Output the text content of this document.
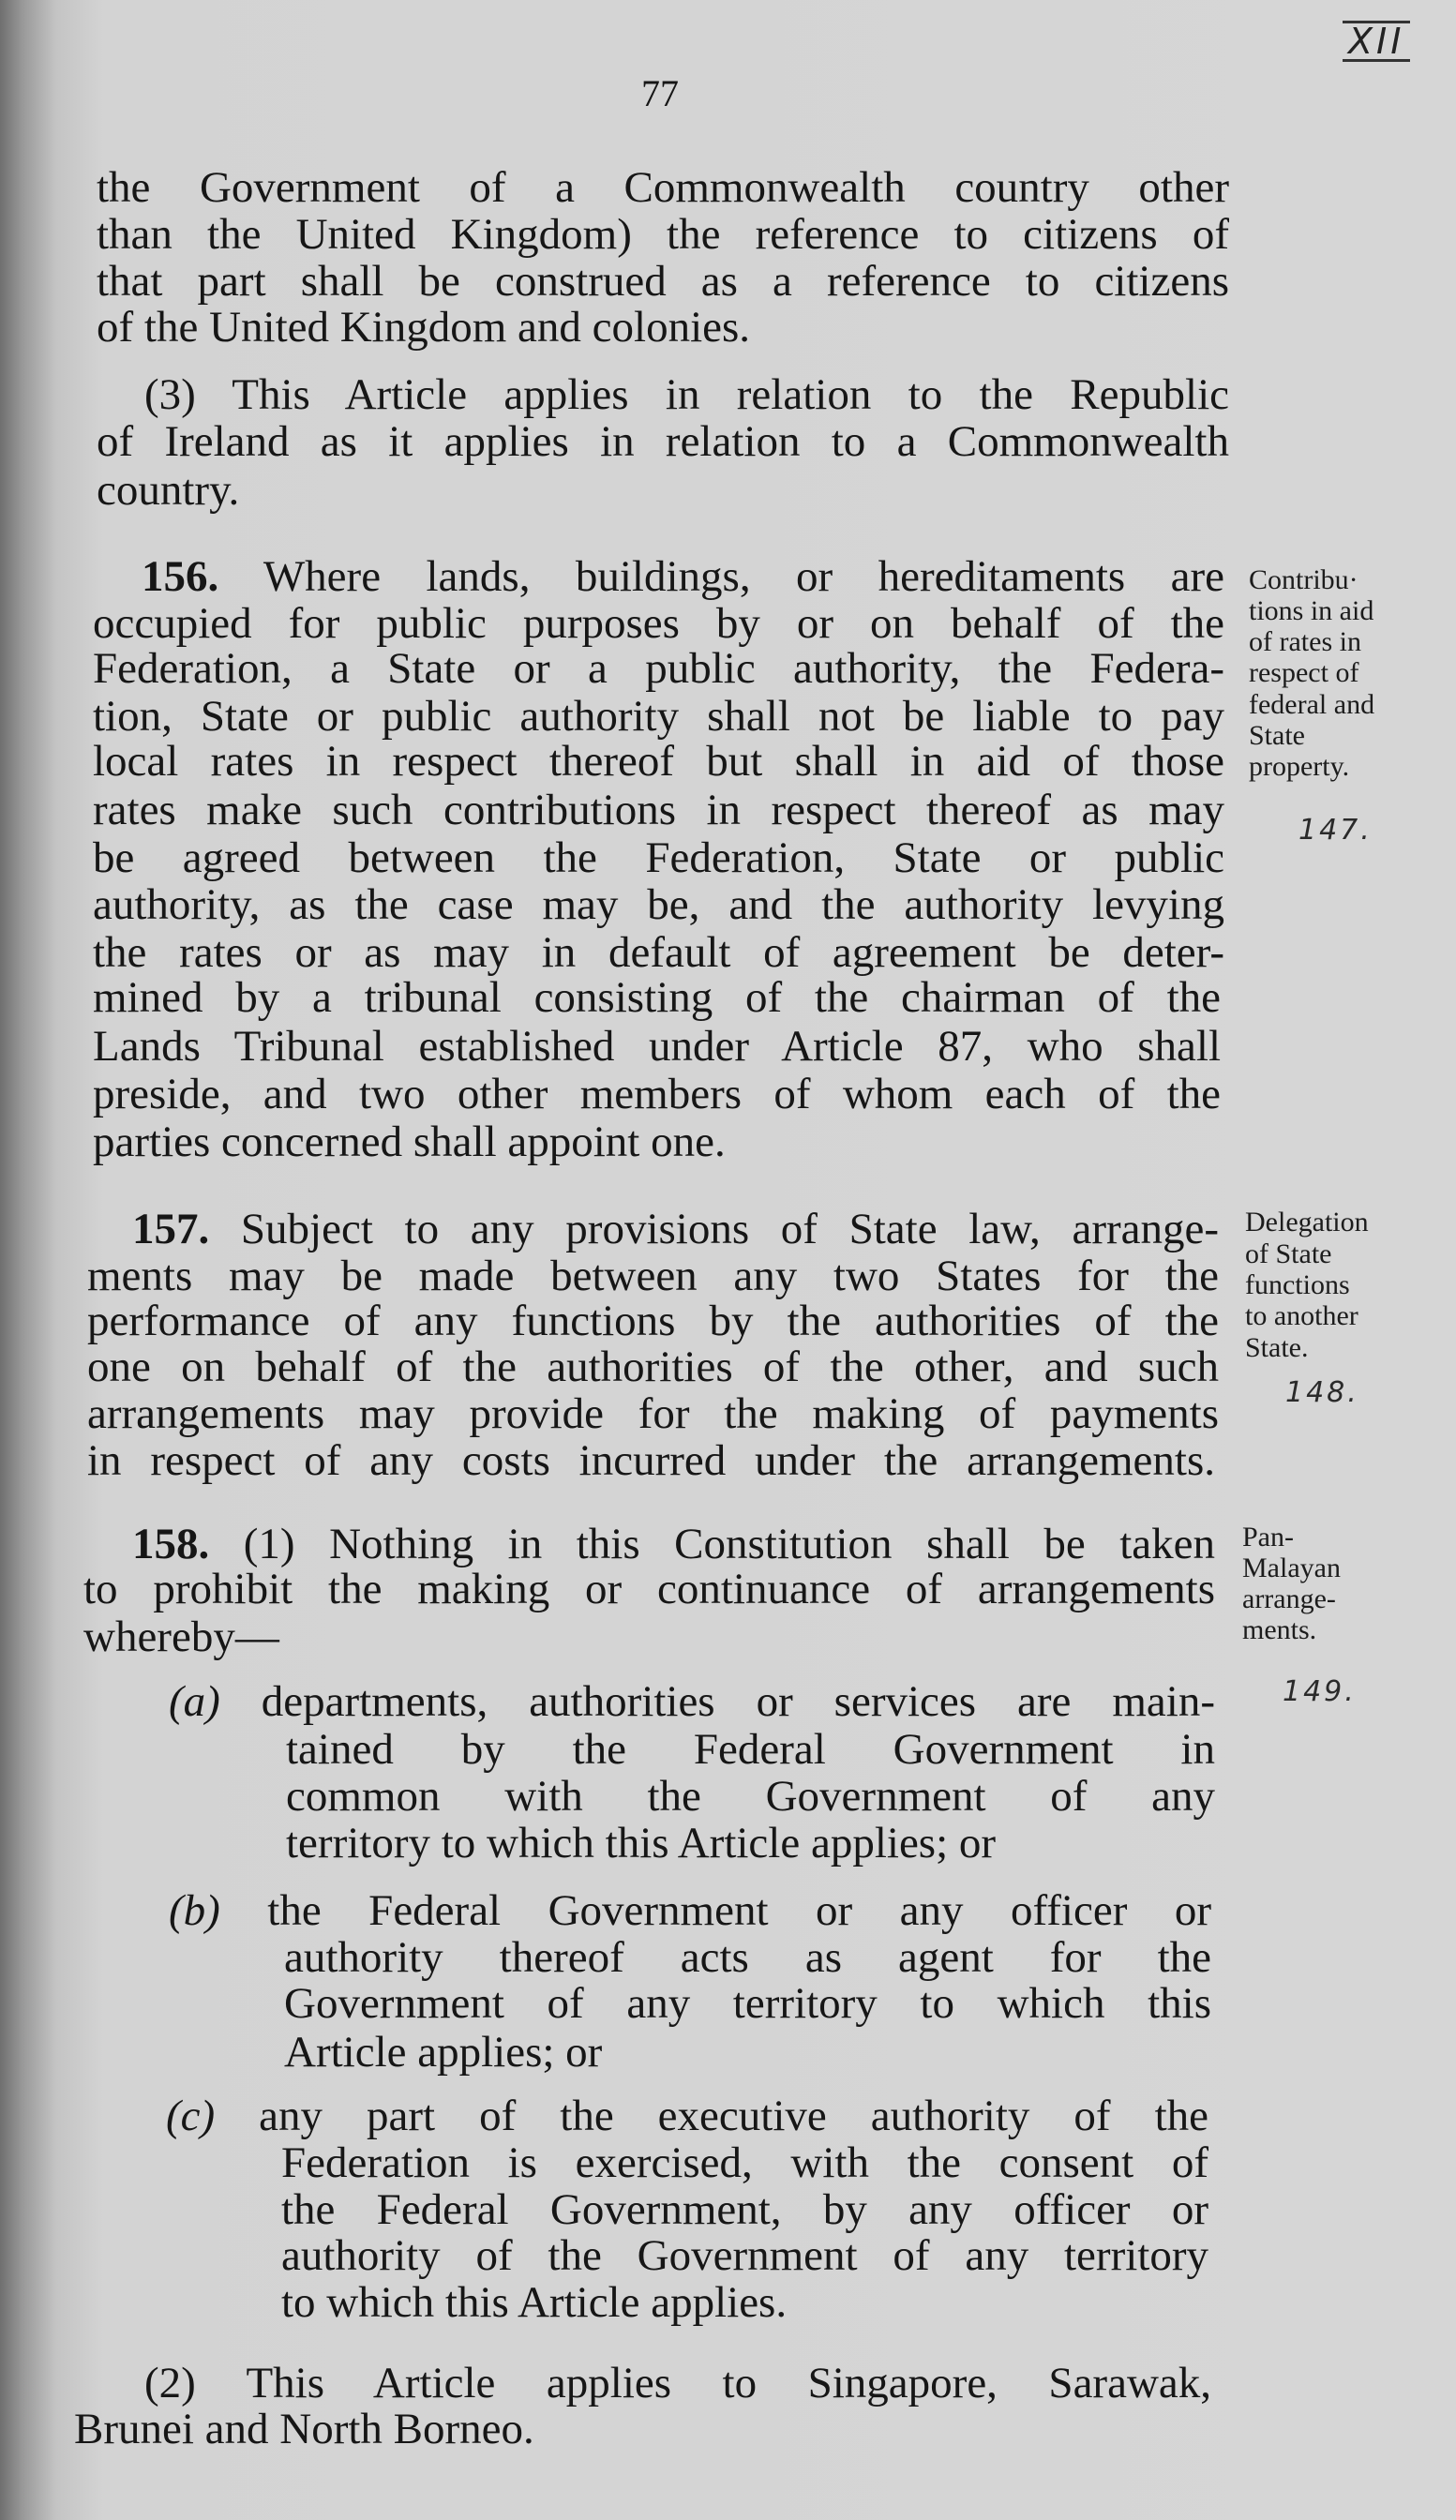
77
XII
the Government of a Commonwealth country other
than the United Kingdom) the reference to citizens of
that part shall be construed as a reference to citizens
of the United Kingdom and colonies.
(3) This Article applies in relation to the Republic
of Ireland as it applies in relation to a Commonwealth
country.
156. Where lands, buildings, or hereditaments are
occupied for public purposes by or on behalf of the
Federation, a State or a public authority, the Federa-
tion, State or public authority shall not be liable to pay
local rates in respect thereof but shall in aid of those
rates make such contributions in respect thereof as may
be agreed between the Federation, State or public
authority, as the case may be, and the authority levying
the rates or as may in default of agreement be deter-
mined by a tribunal consisting of the chairman of the
Lands Tribunal established under Article 87, who shall
preside, and two other members of whom each of the
parties concerned shall appoint one.
157. Subject to any provisions of State law, arrange-
ments may be made between any two States for the
performance of any functions by the authorities of the
one on behalf of the authorities of the other, and such
arrangements may provide for the making of payments
in respect of any costs incurred under the arrangements.
158. (1) Nothing in this Constitution shall be taken
to prohibit the making or continuance of arrangements
whereby—
(a) departments, authorities or services are main-
tained by the Federal Government in
common with the Government of any
territory to which this Article applies; or
(b) the Federal Government or any officer or
authority thereof acts as agent for the
Government of any territory to which this
Article applies; or
(c) any part of the executive authority of the
Federation is exercised, with the consent of
the Federal Government, by any officer or
authority of the Government of any territory
to which this Article applies.
(2) This Article applies to Singapore, Sarawak,
Brunei and North Borneo.
Contribu·
tions in aid
of rates in
respect of
federal and
State
property.
147.
Delegation
of State
functions
to another
State.
148.
Pan-
Malayan
arrange-
ments.
149.
